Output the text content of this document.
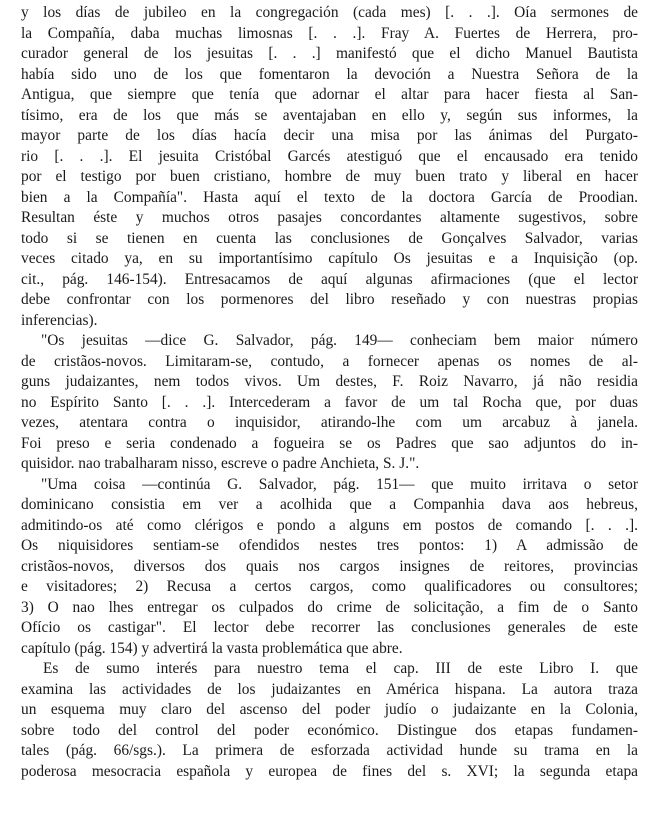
y los días de jubileo en la congregación (cada mes) [. . .]. Oía sermones de
la Compañía, daba muchas limosnas [. . .]. Fray A. Fuertes de Herrera, pro-
curador general de los jesuitas [. . .] manifestó que el dicho Manuel Bautista
había sido uno de los que fomentaron la devoción a Nuestra Señora de la
Antigua, que siempre que tenía que adornar el altar para hacer fiesta al San-
tísimo, era de los que más se aventajaban en ello y, según sus informes, la
mayor parte de los días hacía decir una misa por las ánimas del Purgato-
rio [. . .]. El jesuita Cristóbal Garcés atestiguó que el encausado era tenido
por el testigo por buen cristiano, hombre de muy buen trato y liberal en hacer
bien a la Compañía". Hasta aquí el texto de la doctora García de Proodian.
Resultan éste y muchos otros pasajes concordantes altamente sugestivos, sobre
todo si se tienen en cuenta las conclusiones de Gonçalves Salvador, varias
veces citado ya, en su importantísimo capítulo Os jesuitas e a Inquisição (op.
cit., pág. 146-154). Entresacamos de aquí algunas afirmaciones (que el lector
debe confrontar con los pormenores del libro reseñado y con nuestras propias
inferencias).
"Os jesuitas —dice G. Salvador, pág. 149— conheciam bem maior número
de cristãos-novos. Limitaram-se, contudo, a fornecer apenas os nomes de al-
guns judaizantes, nem todos vivos. Um destes, F. Roiz Navarro, já não residia
no Espírito Santo [. . .]. Intercederam a favor de um tal Rocha que, por duas
vezes, atentara contra o inquisidor, atirando-lhe com um arcabuz à janela.
Foi preso e seria condenado a fogueira se os Padres que sao adjuntos do in-
quisidor. nao trabalharam nisso, escreve o padre Anchieta, S. J.".
"Uma coisa —continúa G. Salvador, pág. 151— que muito irritava o setor
dominicano consistia em ver a acolhida que a Companhia dava aos hebreus,
admitindo-os até como clérigos e pondo a alguns em postos de comando [. . .].
Os niquisidores sentiam-se ofendidos nestes tres pontos: 1) A admissão de
cristãos-novos, diversos dos quais nos cargos insignes de reitores, provincias
e visitadores; 2) Recusa a certos cargos, como qualificadores ou consultores;
3) O nao lhes entregar os culpados do crime de solicitação, a fim de o Santo
Ofício os castigar". El lector debe recorrer las conclusiones generales de este
capítulo (pág. 154) y advertirá la vasta problemática que abre.
Es de sumo interés para nuestro tema el cap. III de este Libro I. que
examina las actividades de los judaizantes en América hispana. La autora traza
un esquema muy claro del ascenso del poder judío o judaizante en la Colonia,
sobre todo del control del poder económico. Distingue dos etapas fundamen-
tales (pág. 66/sgs.). La primera de esforzada actividad hunde su trama en la
poderosa mesocracia española y europea de fines del s. XVI; la segunda etapa
